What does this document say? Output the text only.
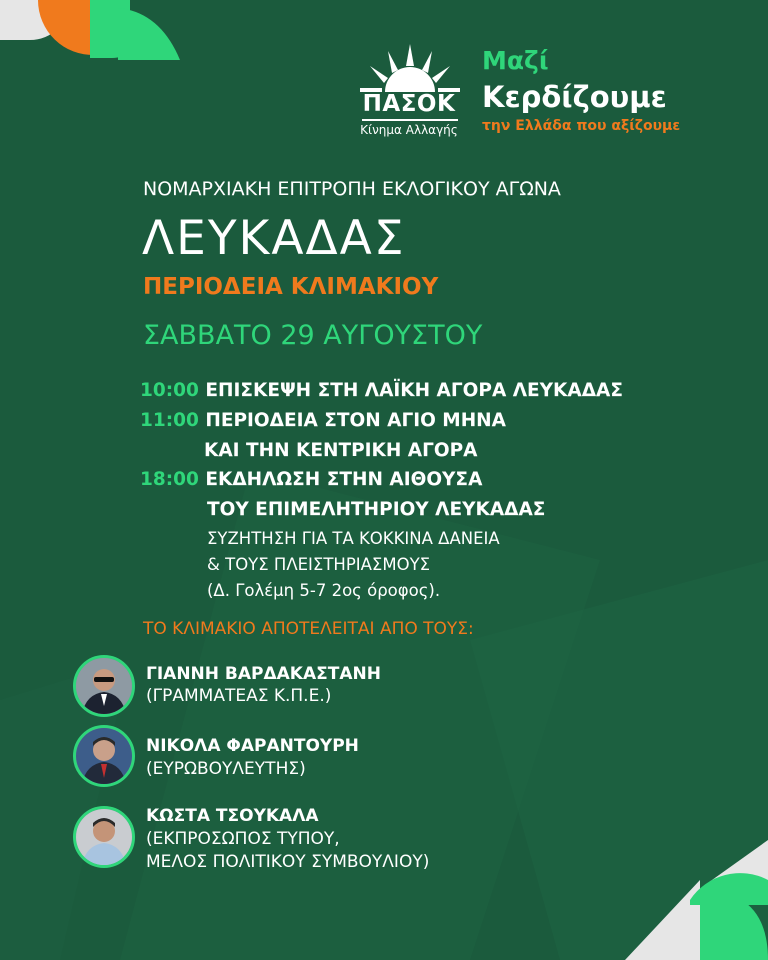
ΠΑΣΟΚ
Κίνημα Αλλαγής
Μαζί
Κερδίζουμε
την Ελλάδα που αξίζουμε
ΝΟΜΑΡΧΙΑΚΗ ΕΠΙΤΡΟΠΗ ΕΚΛΟΓΙΚΟΥ ΑΓΩΝΑ
ΛΕΥΚΑΔΑΣ
ΠΕΡΙΟΔΕΙΑ ΚΛΙΜΑΚΙΟΥ
ΣΑΒΒΑΤΟ 29 ΑΥΓΟΥΣΤΟΥ
10:00 ΕΠΙΣΚΕΨΗ ΣΤΗ ΛΑΪΚΗ ΑΓΟΡΑ ΛΕΥΚΑΔΑΣ
11:00 ΠΕΡΙΟΔΕΙΑ ΣΤΟΝ ΑΓΙΟ ΜΗΝΑ
ΚΑΙ ΤΗΝ ΚΕΝΤΡΙΚΗ ΑΓΟΡΑ
18:00 ΕΚΔΗΛΩΣΗ ΣΤΗΝ ΑΙΘΟΥΣΑ
ΤΟΥ ΕΠΙΜΕΛΗΤΗΡΙΟΥ ΛΕΥΚΑΔΑΣ
ΣΥΖΗΤΗΣΗ ΓΙΑ ΤΑ ΚΟΚΚΙΝΑ ΔΑΝΕΙΑ
& ΤΟΥΣ ΠΛΕΙΣΤΗΡΙΑΣΜΟΥΣ
(Δ. Γολέμη 5-7 2ος όροφος).
ΤΟ ΚΛΙΜΑΚΙΟ ΑΠΟΤΕΛΕΙΤΑΙ ΑΠΟ ΤΟΥΣ:
ΓΙΑΝΝΗ ΒΑΡΔΑΚΑΣΤΑΝΗ
(ΓΡΑΜΜΑΤΕΑΣ Κ.Π.Ε.)
ΝΙΚΟΛΑ ΦΑΡΑΝΤΟΥΡΗ
(ΕΥΡΩΒΟΥΛΕΥΤΗΣ)
ΚΩΣΤΑ ΤΣΟΥΚΑΛΑ
(ΕΚΠΡΟΣΩΠΟΣ ΤΥΠΟΥ,
ΜΕΛΟΣ ΠΟΛΙΤΙΚΟΥ ΣΥΜΒΟΥΛΙΟΥ)
